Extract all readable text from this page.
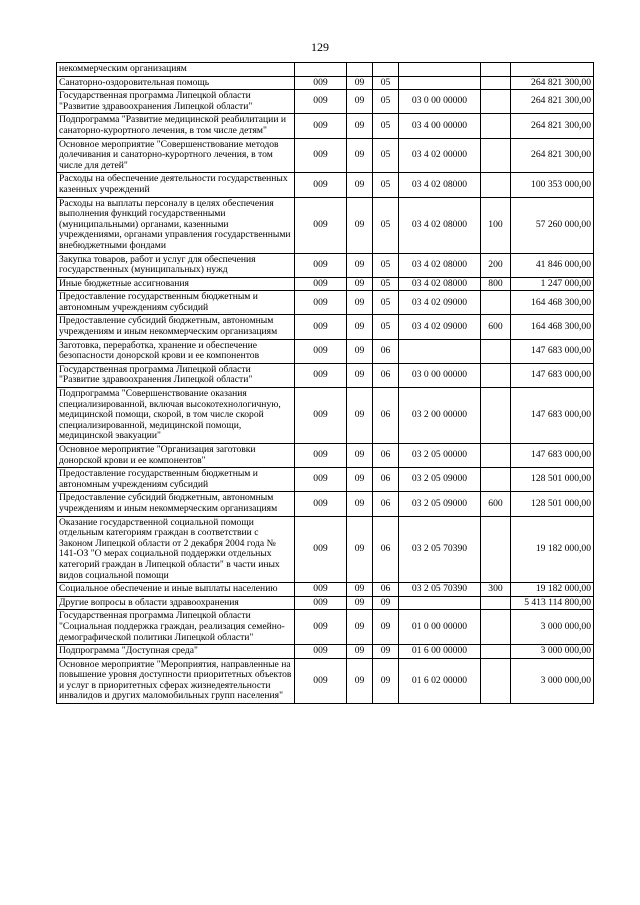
129
некоммерческим организациям						
Санаторно-оздоровительная помощь	009	09	05			264 821 300,00
Государственная программа Липецкой области "Развитие здравоохранения Липецкой области"	009	09	05	03 0 00 00000		264 821 300,00
Подпрограмма "Развитие медицинской реабилитации и санаторно-курортного лечения, в том числе детям"	009	09	05	03 4 00 00000		264 821 300,00
Основное мероприятие "Совершенствование методов долечивания и санаторно-курортного лечения, в том числе для детей"	009	09	05	03 4 02 00000		264 821 300,00
Расходы на обеспечение деятельности государственных казенных учреждений	009	09	05	03 4 02 08000		100 353 000,00
Расходы на выплаты персоналу в целях обеспечения выполнения функций государственными (муниципальными) органами, казенными учреждениями, органами управления государственными внебюджетными фондами	009	09	05	03 4 02 08000	100	57 260 000,00
Закупка товаров, работ и услуг для обеспечения государственных (муниципальных) нужд	009	09	05	03 4 02 08000	200	41 846 000,00
Иные бюджетные ассигнования	009	09	05	03 4 02 08000	800	1 247 000,00
Предоставление государственным бюджетным и автономным учреждениям субсидий	009	09	05	03 4 02 09000		164 468 300,00
Предоставление субсидий бюджетным, автономным учреждениям и иным некоммерческим организациям	009	09	05	03 4 02 09000	600	164 468 300,00
Заготовка, переработка, хранение и обеспечение безопасности донорской крови и ее компонентов	009	09	06			147 683 000,00
Государственная программа Липецкой области "Развитие здравоохранения Липецкой области"	009	09	06	03 0 00 00000		147 683 000,00
Подпрограмма "Совершенствование оказания специализированной, включая высокотехнологичную, медицинской помощи, скорой, в том числе скорой специализированной, медицинской помощи, медицинской эвакуации"	009	09	06	03 2 00 00000		147 683 000,00
Основное мероприятие "Организация заготовки донорской крови и ее компонентов"	009	09	06	03 2 05 00000		147 683 000,00
Предоставление государственным бюджетным и автономным учреждениям субсидий	009	09	06	03 2 05 09000		128 501 000,00
Предоставление субсидий бюджетным, автономным учреждениям и иным некоммерческим организациям	009	09	06	03 2 05 09000	600	128 501 000,00
Оказание государственной социальной помощи отдельным категориям граждан в соответствии с Законом Липецкой области от 2 декабря 2004 года № 141-ОЗ "О мерах социальной поддержки отдельных категорий граждан в Липецкой области" в части иных видов социальной помощи	009	09	06	03 2 05 70390		19 182 000,00
Социальное обеспечение и иные выплаты населению	009	09	06	03 2 05 70390	300	19 182 000,00
Другие вопросы в области здравоохранения	009	09	09			5 413 114 800,00
Государственная программа Липецкой области "Социальная поддержка граждан, реализация семейно-демографической политики Липецкой области"	009	09	09	01 0 00 00000		3 000 000,00
Подпрограмма "Доступная среда"	009	09	09	01 6 00 00000		3 000 000,00
Основное мероприятие "Мероприятия, направленные на повышение уровня доступности приоритетных объектов и услуг в приоритетных сферах жизнедеятельности инвалидов и других маломобильных групп населения"	009	09	09	01 6 02 00000		3 000 000,00
